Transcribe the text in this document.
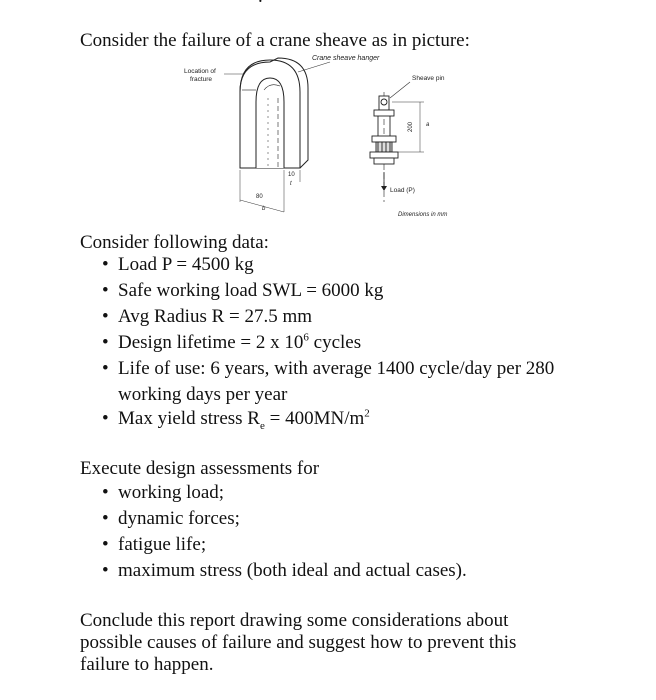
Consider the failure of a crane sheave as in picture:
Crane sheave hanger
Location of
fracture
10
t
80
b
Sheave pin
200 a
Load (P)
Dimensions in mm
Consider following data:
• Load P = 4500 kg
• Safe working load SWL = 6000 kg
• Avg Radius R = 27.5 mm
• Design lifetime = 2 x $10^6$ cycles
• Life of use: 6 years, with average 1400 cycle/day per 280
working days per year
• Max yield stress $R_e = 400MN/m^2$
Execute design assessments for
• working load;
• dynamic forces;
• fatigue life;
• maximum stress (both ideal and actual cases).
Conclude this report drawing some considerations about possible causes of failure and suggest how to prevent this failure to happen.
